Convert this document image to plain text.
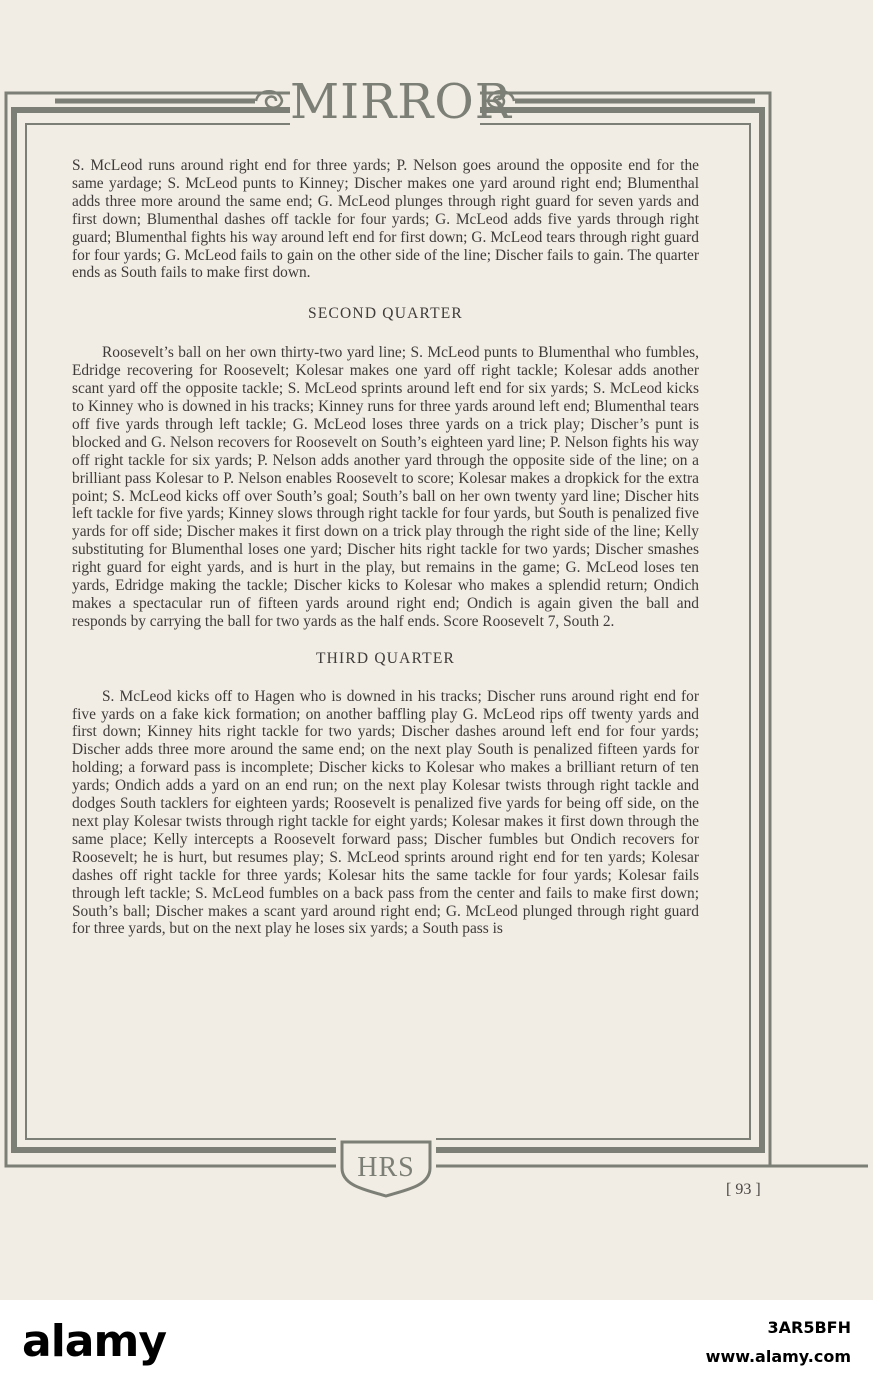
MIRROR

S. McLeod runs around right end for three yards; P. Nelson goes around the opposite end for the same yardage; S. McLeod punts to Kinney; Discher makes one yard around right end; Blumenthal adds three more around the same end; G. McLeod plunges through right guard for seven yards and first down; Blumenthal dashes off tackle for four yards; G. McLeod adds five yards through right guard; Blumenthal fights his way around left end for first down; G. McLeod tears through right guard for four yards; G. McLeod fails to gain on the other side of the line; Discher fails to gain. The quarter ends as South fails to make first down.

SECOND QUARTER

Roosevelt’s ball on her own thirty-two yard line; S. McLeod punts to Blumenthal who fumbles, Edridge recovering for Roosevelt; Kolesar makes one yard off right tackle; Kolesar adds another scant yard off the opposite tackle; S. McLeod sprints around left end for six yards; S. McLeod kicks to Kinney who is downed in his tracks; Kinney runs for three yards around left end; Blumenthal tears off five yards through left tackle; G. McLeod loses three yards on a trick play; Discher’s punt is blocked and G. Nelson recovers for Roosevelt on South’s eighteen yard line; P. Nelson fights his way off right tackle for six yards; P. Nelson adds another yard through the opposite side of the line; on a brilliant pass Kolesar to P. Nelson enables Roosevelt to score; Kolesar makes a dropkick for the extra point; S. McLeod kicks off over South’s goal; South’s ball on her own twenty yard line; Discher hits left tackle for five yards; Kinney slows through right tackle for four yards, but South is penalized five yards for off side; Discher makes it first down on a trick play through the right side of the line; Kelly substituting for Blumenthal loses one yard; Discher hits right tackle for two yards; Discher smashes right guard for eight yards, and is hurt in the play, but remains in the game; G. McLeod loses ten yards, Edridge making the tackle; Discher kicks to Kolesar who makes a splendid return; Ondich makes a spectacular run of fifteen yards around right end; Ondich is again given the ball and responds by carrying the ball for two yards as the half ends. Score Roosevelt 7, South 2.

THIRD QUARTER

S. McLeod kicks off to Hagen who is downed in his tracks; Discher runs around right end for five yards on a fake kick formation; on another baffling play G. McLeod rips off twenty yards and first down; Kinney hits right tackle for two yards; Discher dashes around left end for four yards; Discher adds three more around the same end; on the next play South is penalized fifteen yards for holding; a forward pass is incomplete; Discher kicks to Kolesar who makes a brilliant return of ten yards; Ondich adds a yard on an end run; on the next play Kolesar twists through right tackle and dodges South tacklers for eighteen yards; Roosevelt is penalized five yards for being off side, on the next play Kolesar twists through right tackle for eight yards; Kolesar makes it first down through the same place; Kelly intercepts a Roosevelt forward pass; Discher fumbles but Ondich recovers for Roosevelt; he is hurt, but resumes play; S. McLeod sprints around right end for ten yards; Kolesar dashes off right tackle for three yards; Kolesar hits the same tackle for four yards; Kolesar fails through left tackle; S. McLeod fumbles on a back pass from the center and fails to make first down; South’s ball; Discher makes a scant yard around right end; G. McLeod plunged through right guard for three yards, but on the next play he loses six yards; a South pass is

HRS
[ 93 ]
alamy	3AR5BFH
www.alamy.com
